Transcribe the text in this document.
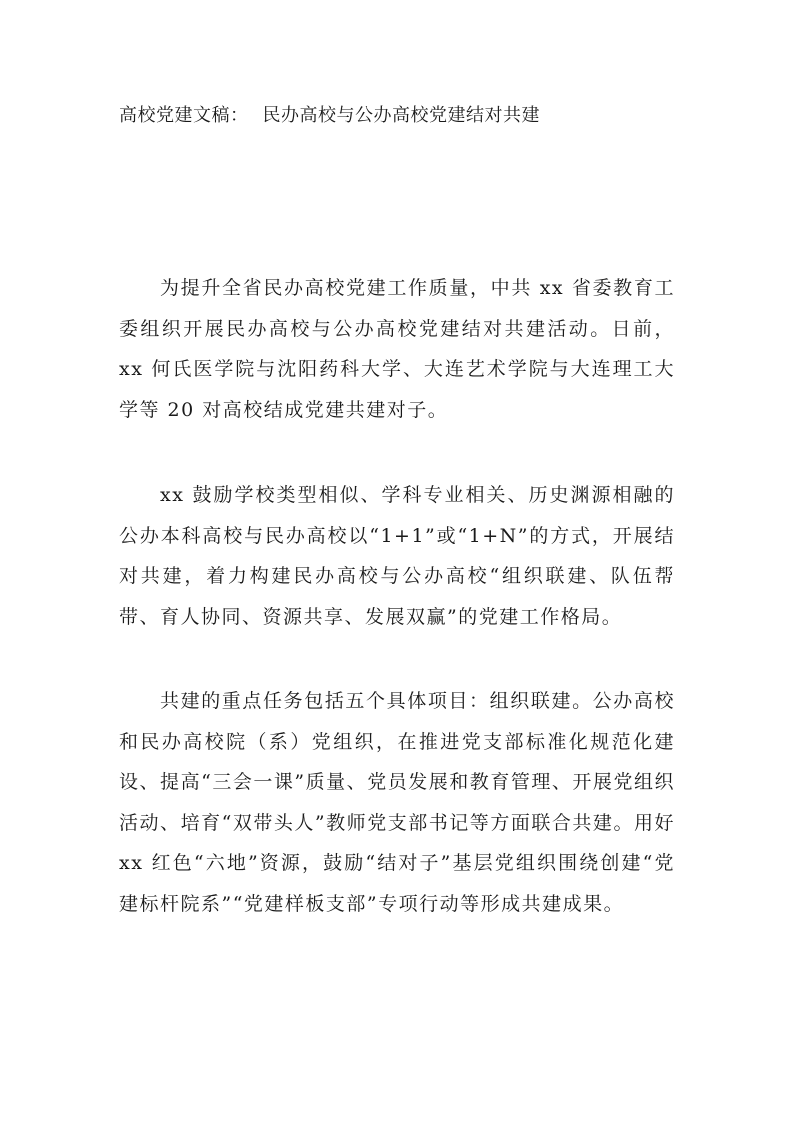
高校党建文稿： 民办高校与公办高校党建结对共建

为提升全省民办高校党建工作质量，中共 xx 省委教育工委组织开展民办高校与公办高校党建结对共建活动。日前，xx 何氏医学院与沈阳药科大学、大连艺术学院与大连理工大学等 20 对高校结成党建共建对子。

xx 鼓励学校类型相似、学科专业相关、历史渊源相融的公办本科高校与民办高校以“1+1”或“1+N”的方式，开展结对共建，着力构建民办高校与公办高校“组织联建、队伍帮带、育人协同、资源共享、发展双赢”的党建工作格局。

共建的重点任务包括五个具体项目：组织联建。公办高校和民办高校院（系）党组织，在推进党支部标准化规范化建设、提高“三会一课”质量、党员发展和教育管理、开展党组织活动、培育“双带头人”教师党支部书记等方面联合共建。用好 xx 红色“六地”资源，鼓励“结对子”基层党组织围绕创建“党建标杆院系”“党建样板支部”专项行动等形成共建成果。
